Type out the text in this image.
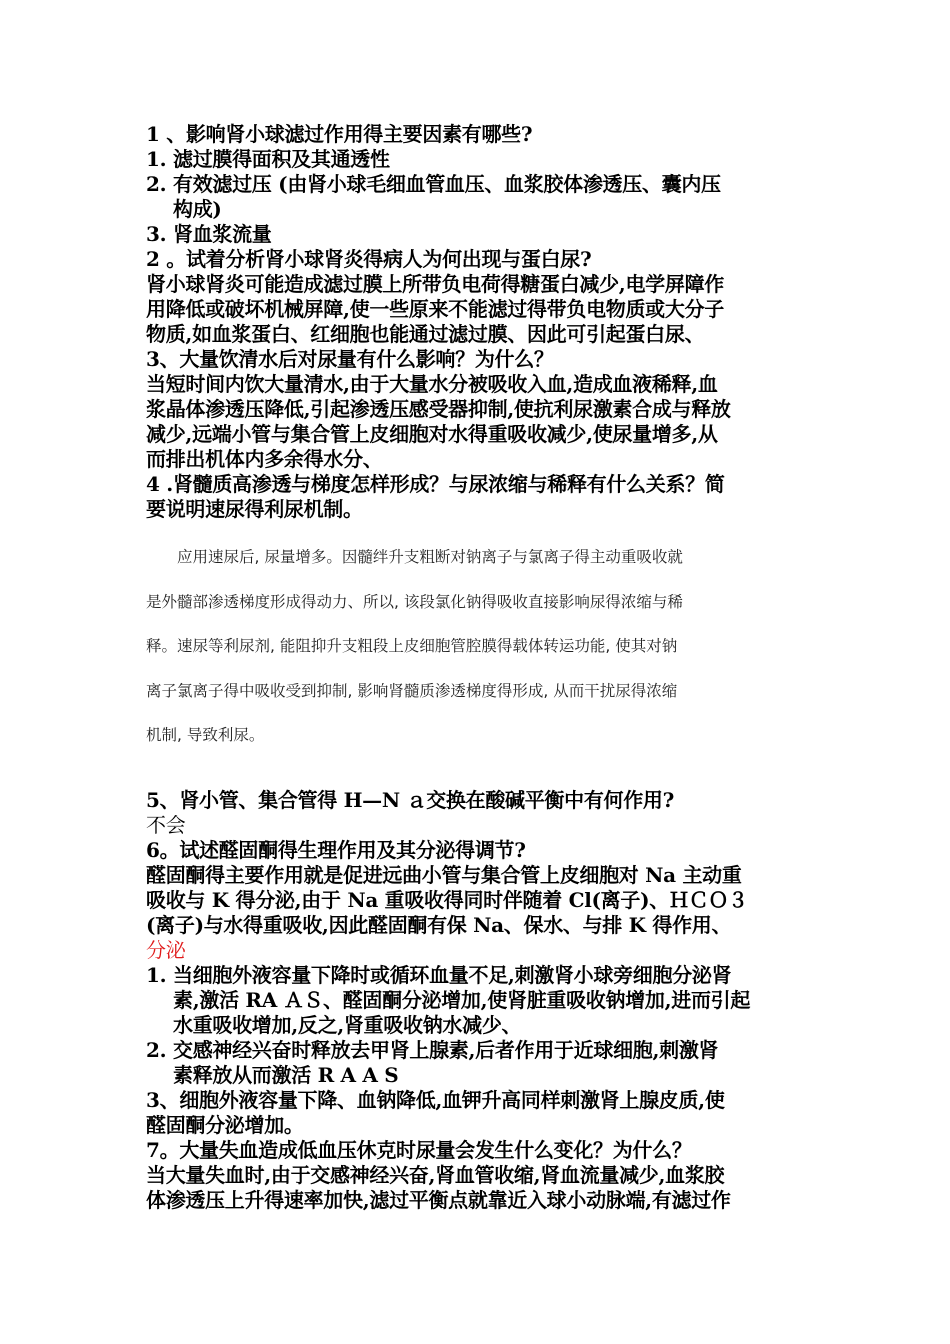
1 、影响肾小球滤过作用得主要因素有哪些?
1. 滤过膜得面积及其通透性
2. 有效滤过压 (由肾小球毛细血管血压、血浆胶体渗透压、囊内压
构成)
3. 肾血浆流量
2 。试着分析肾小球肾炎得病人为何出现与蛋白尿?
肾小球肾炎可能造成滤过膜上所带负电荷得糖蛋白减少,电学屏障作
用降低或破坏机械屏障,使一些原来不能滤过得带负电物质或大分子
物质,如血浆蛋白、红细胞也能通过滤过膜、因此可引起蛋白尿、
3、大量饮清水后对尿量有什么影响？为什么？
当短时间内饮大量清水,由于大量水分被吸收入血,造成血液稀释,血
浆晶体渗透压降低,引起渗透压感受器抑制,使抗利尿激素合成与释放
减少,远端小管与集合管上皮细胞对水得重吸收减少,使尿量增多,从
而排出机体内多余得水分、
4 .肾髓质高渗透与梯度怎样形成？与尿浓缩与稀释有什么关系？简
要说明速尿得利尿机制。
　　应用速尿后, 尿量增多。因髓绊升支粗断对钠离子与氯离子得主动重吸收就
是外髓部渗透梯度形成得动力、所以, 该段氯化钠得吸收直接影响尿得浓缩与稀
释。速尿等利尿剂, 能阻抑升支粗段上皮细胞管腔膜得载体转运功能, 使其对钠
离子氯离子得中吸收受到抑制, 影响肾髓质渗透梯度得形成, 从而干扰尿得浓缩
机制, 导致利尿。
5、肾小管、集合管得 H—N ａ交换在酸碱平衡中有何作用?
不会
6。试述醛固酮得生理作用及其分泌得调节?
醛固酮得主要作用就是促进远曲小管与集合管上皮细胞对 Na 主动重
吸收与 K 得分泌,由于 Na 重吸收得同时伴随着 Cl(离子)、ＨＣＯ３
(离子)与水得重吸收,因此醛固酮有保 Na、保水、与排 K 得作用、
分泌
1. 当细胞外液容量下降时或循环血量不足,刺激肾小球旁细胞分泌肾
素,激活 RA ＡＳ、醛固酮分泌增加,使肾脏重吸收钠增加,进而引起
水重吸收增加,反之,肾重吸收钠水减少、
2. 交感神经兴奋时释放去甲肾上腺素,后者作用于近球细胞,刺激肾
素释放从而激活 R A A S
3、细胞外液容量下降、血钠降低,血钾升高同样刺激肾上腺皮质,使
醛固酮分泌增加。
7。大量失血造成低血压休克时尿量会发生什么变化？为什么？
当大量失血时,由于交感神经兴奋,肾血管收缩,肾血流量减少,血浆胶
体渗透压上升得速率加快,滤过平衡点就靠近入球小动脉端,有滤过作
